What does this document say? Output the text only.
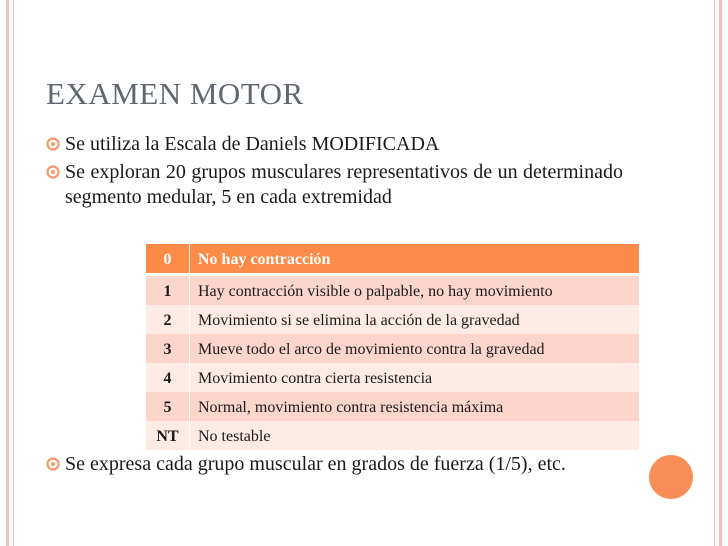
EXAMEN MOTOR
Se utiliza la Escala de Daniels MODIFICADA
Se exploran 20 grupos musculares representativos de un determinado segmento medular, 5 en cada extremidad
Se expresa cada grupo muscular en grados de fuerza (1/5), etc.
0	No hay contracción
1	Hay contracción visible o palpable, no hay movimiento
2	Movimiento si se elimina la acción de la gravedad
3	Mueve todo el arco de movimiento contra la gravedad
4	Movimiento contra cierta resistencia
5	Normal, movimiento contra resistencia máxima
NT	No testable
